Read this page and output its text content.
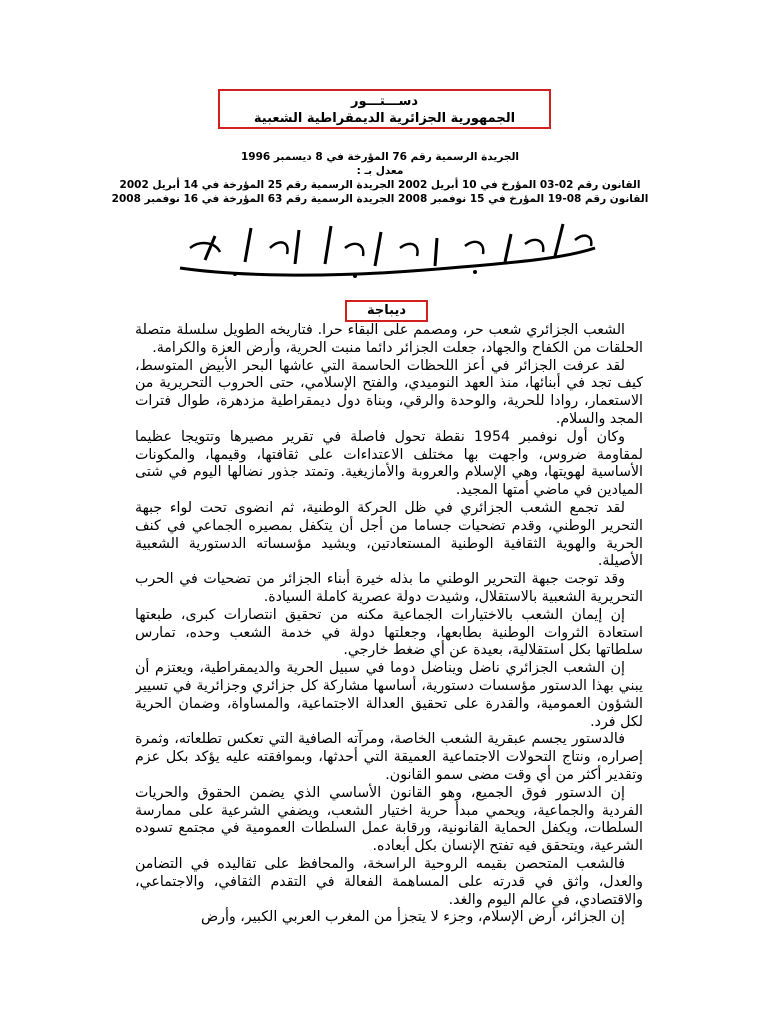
دســـتـــور
الجمهورية الجزائرية الديمقراطية الشعبية
الجريدة الرسمية رقم 76 المؤرخة في 8 ديسمبر 1996
معدل بـ :
القانون رقم 02-03 المؤرخ في 10 أبريل 2002 الجريدة الرسمية رقم 25 المؤرخة في 14 أبريل 2002
القانون رقم 08-19 المؤرخ في 15 نوفمبر 2008 الجريدة الرسمية رقم 63 المؤرخة في 16 نوفمبر 2008
ديباجة

الشعب الجزائري شعب حر، ومصمم على البقاء حرا. فتاريخه الطويل سلسلة متصلة الحلقات من الكفاح والجهاد، جعلت الجزائر دائما منبت الحرية، وأرض العزة والكرامة.

لقد عرفت الجزائر في أعز اللحظات الحاسمة التي عاشها البحر الأبيض المتوسط، كيف تجد في أبنائها، منذ العهد النوميدي، والفتح الإسلامي، حتى الحروب التحريرية من الاستعمار، روادا للحرية، والوحدة والرقي، وبناة دول ديمقراطية مزدهرة، طوال فترات المجد والسلام.

وكان أول نوفمبر 1954 نقطة تحول فاصلة في تقرير مصيرها وتتويجا عظيما لمقاومة ضروس، واجهت بها مختلف الاعتداءات على ثقافتها، وقيمها، والمكونات الأساسية لهويتها، وهي الإسلام والعروبة والأمازيغية. وتمتد جذور نضالها اليوم في شتى الميادين في ماضي أمتها المجيد.

لقد تجمع الشعب الجزائري في ظل الحركة الوطنية، ثم انضوى تحت لواء جبهة التحرير الوطني، وقدم تضحيات جساما من أجل أن يتكفل بمصيره الجماعي في كنف الحرية والهوية الثقافية الوطنية المستعادتين، ويشيد مؤسساته الدستورية الشعبية الأصيلة.

وقد توجت جبهة التحرير الوطني ما بذله خيرة أبناء الجزائر من تضحيات في الحرب التحريرية الشعبية بالاستقلال، وشيدت دولة عصرية كاملة السيادة.

إن إيمان الشعب بالاختيارات الجماعية مكنه من تحقيق انتصارات كبرى، طبعتها استعادة الثروات الوطنية بطابعها، وجعلتها دولة في خدمة الشعب وحده، تمارس سلطاتها بكل استقلالية، بعيدة عن أي ضغط خارجي.

إن الشعب الجزائري ناضل ويناضل دوما في سبيل الحرية والديمقراطية، ويعتزم أن يبني بهذا الدستور مؤسسات دستورية، أساسها مشاركة كل جزائري وجزائرية في تسيير الشؤون العمومية، والقدرة على تحقيق العدالة الاجتماعية، والمساواة، وضمان الحرية لكل فرد.

فالدستور يجسم عبقرية الشعب الخاصة، ومرآته الصافية التي تعكس تطلعاته، وثمرة إصراره، ونتاج التحولات الاجتماعية العميقة التي أحدثها، وبموافقته عليه يؤكد بكل عزم وتقدير أكثر من أي وقت مضى سمو القانون.

إن الدستور فوق الجميع، وهو القانون الأساسي الذي يضمن الحقوق والحريات الفردية والجماعية، ويحمي مبدأ حرية اختيار الشعب، ويضفي الشرعية على ممارسة السلطات، ويكفل الحماية القانونية، ورقابة عمل السلطات العمومية في مجتمع تسوده الشرعية، ويتحقق فيه تفتح الإنسان بكل أبعاده.

فالشعب المتحصن بقيمه الروحية الراسخة، والمحافظ على تقاليده في التضامن والعدل، واثق في قدرته على المساهمة الفعالة في التقدم الثقافي، والاجتماعي، والاقتصادي، في عالم اليوم والغد.

إن الجزائر، أرض الإسلام، وجزء لا يتجزأ من المغرب العربي الكبير، وأرض
